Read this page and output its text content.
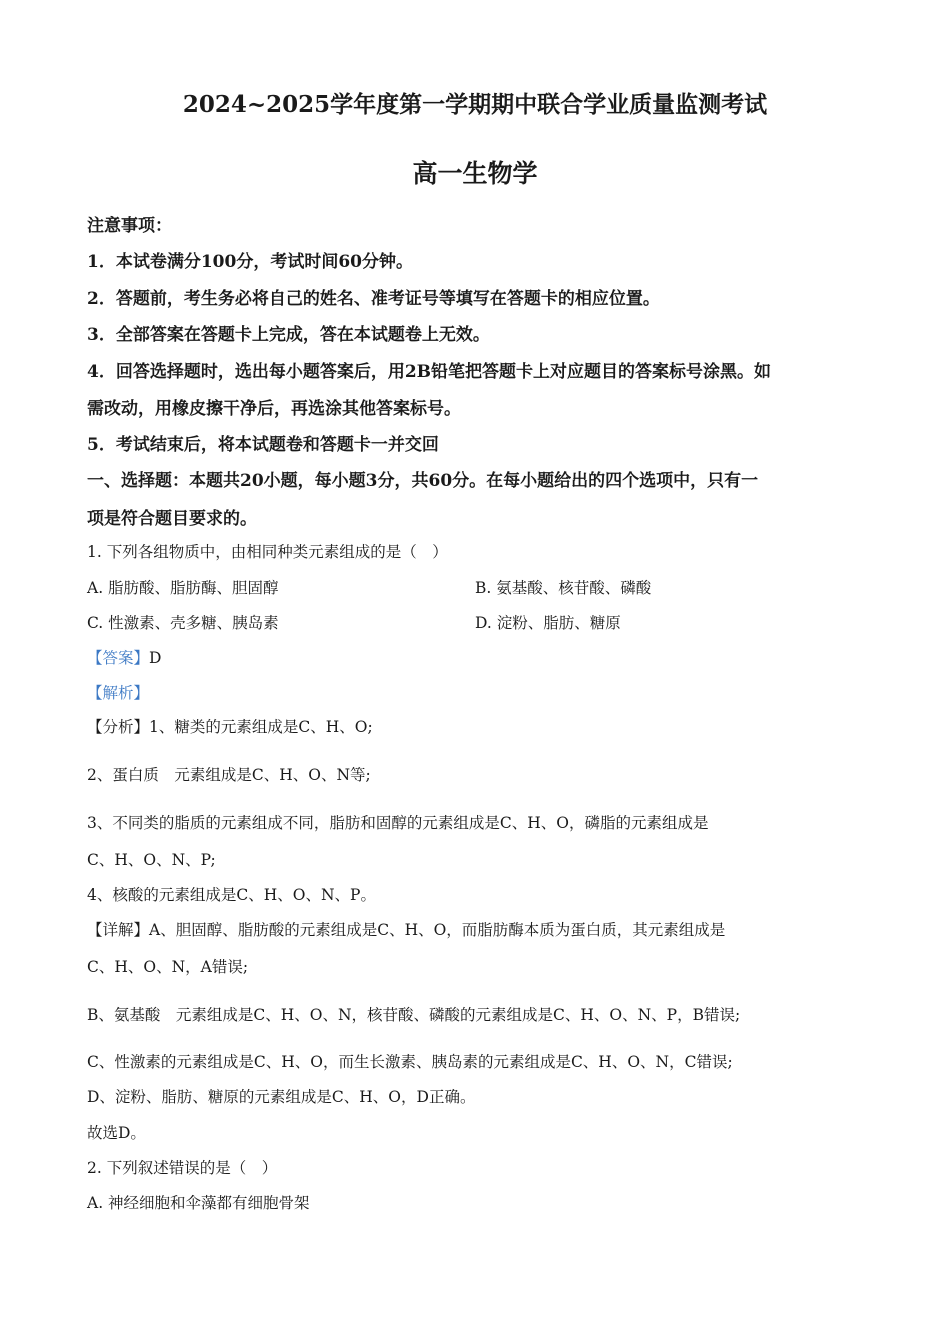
2024~2025学年度第一学期期中联合学业质量监测考试
高一生物学
注意事项：
1．本试卷满分100分，考试时间60分钟。
2．答题前，考生务必将自己的姓名、准考证号等填写在答题卡的相应位置。
3．全部答案在答题卡上完成，答在本试题卷上无效。
4．回答选择题时，选出每小题答案后，用2B铅笔把答题卡上对应题目的答案标号涂黑。如
需改动，用橡皮擦干净后，再选涂其他答案标号。
5．考试结束后，将本试题卷和答题卡一并交回
一、选择题：本题共20小题，每小题3分，共60分。在每小题给出的四个选项中，只有一
项是符合题目要求的。
1. 下列各组物质中，由相同种类元素组成的是（　）
A. 脂肪酸、脂肪酶、胆固醇	B. 氨基酸、核苷酸、磷酸
C. 性激素、壳多糖、胰岛素	D. 淀粉、脂肪、糖原
【答案】D
【解析】
【分析】1、糖类的元素组成是C、H、O;
2、蛋白质　元素组成是C、H、O、N等;
3、不同类的脂质的元素组成不同，脂肪和固醇的元素组成是C、H、O，磷脂的元素组成是
C、H、O、N、P;
4、核酸的元素组成是C、H、O、N、P。
【详解】A、胆固醇、脂肪酸的元素组成是C、H、O，而脂肪酶本质为蛋白质，其元素组成是
C、H、O、N，A错误;
B、氨基酸　元素组成是C、H、O、N，核苷酸、磷酸的元素组成是C、H、O、N、P，B错误;
C、性激素的元素组成是C、H、O，而生长激素、胰岛素的元素组成是C、H、O、N，C错误;
D、淀粉、脂肪、糖原的元素组成是C、H、O，D正确。
故选D。
2. 下列叙述错误的是（　）
A. 神经细胞和伞藻都有细胞骨架
